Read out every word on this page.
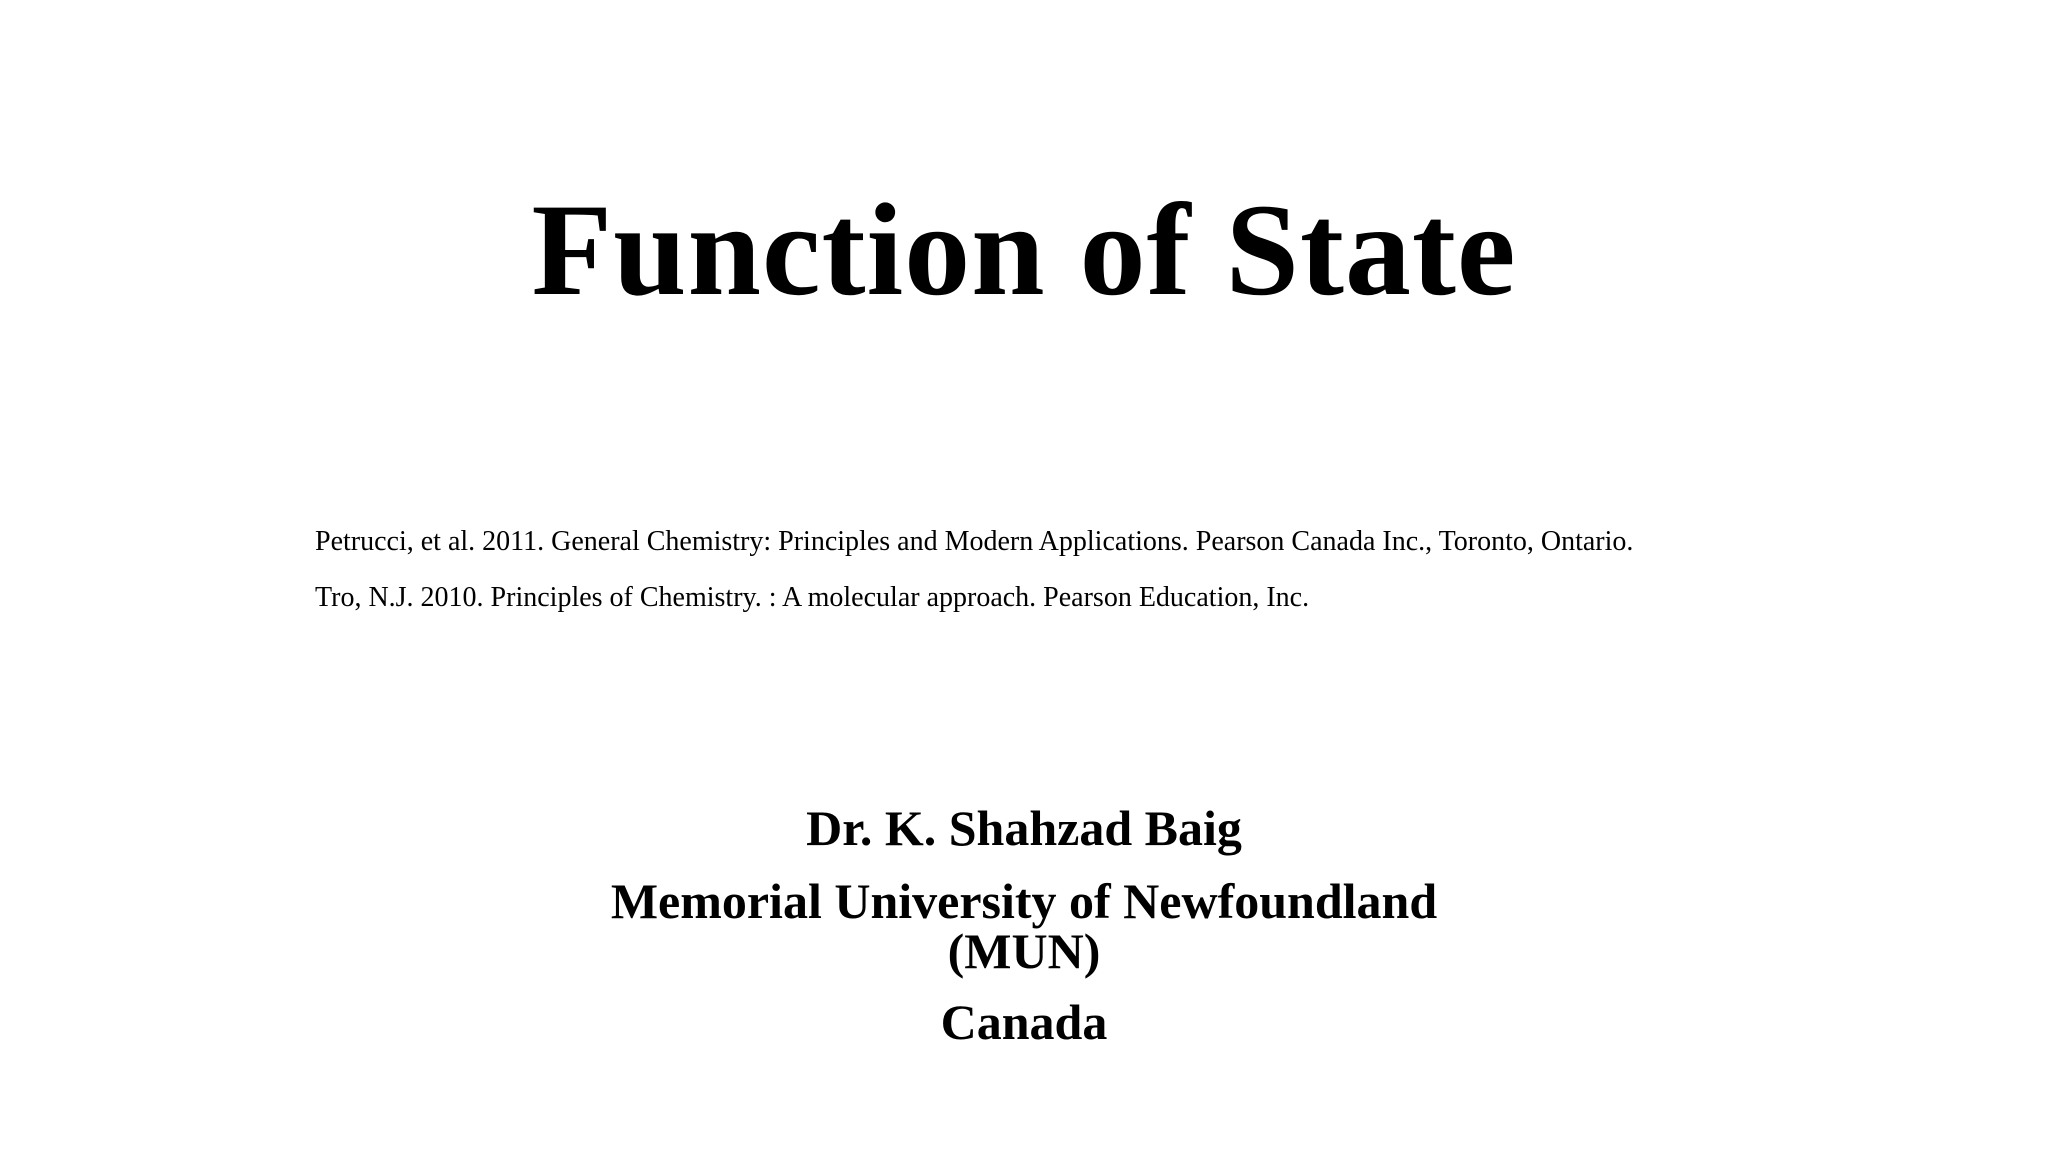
Function of State

Petrucci, et al. 2011. General Chemistry: Principles and Modern Applications. Pearson Canada Inc., Toronto, Ontario.

Tro, N.J. 2010. Principles of Chemistry. : A molecular approach. Pearson Education, Inc.

Dr. K. Shahzad Baig

Memorial University of Newfoundland

(MUN)

Canada
